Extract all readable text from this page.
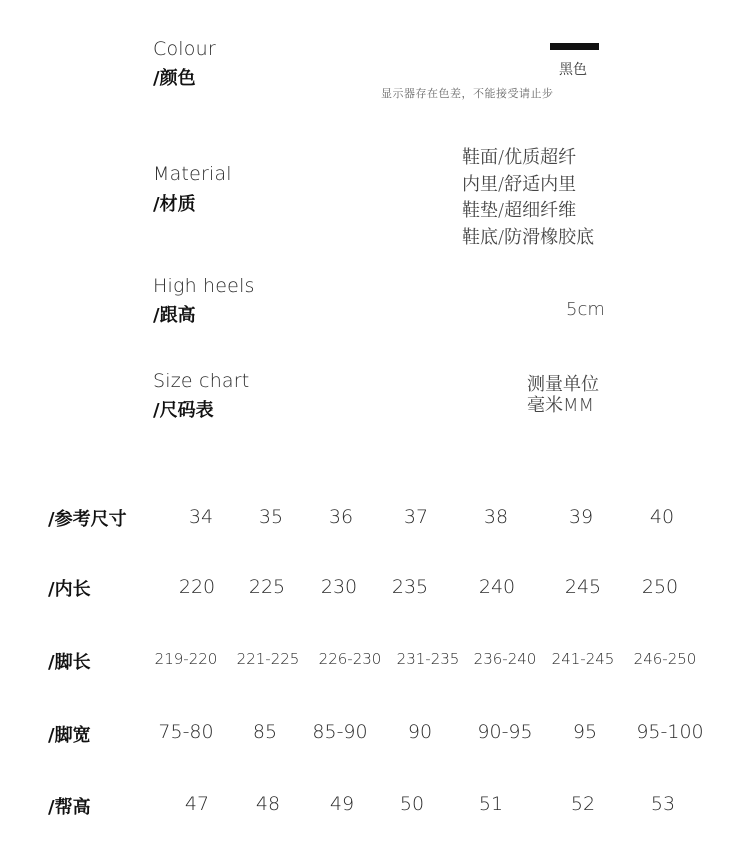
Colour
/颜色	黑色
显示器存在色差，不能接受请止步
Material
/材质
鞋面/优质超纤
内里/舒适内里
鞋垫/超细纤维
鞋底/防滑橡胶底
High heels
/跟高	5cm
Size chart
/尺码表
测量单位
毫米MM
/参考尺寸	34 35 36	37	38	39	40
/内长	220 225 230 235	240	245 250
/脚长	219-220 221-225 226-230 231-235 236-240 241-245 246-250
/脚宽	75-80 85 85-90 90 90-95 95 95-100
/帮高	47 48	49 50	51	52	53
